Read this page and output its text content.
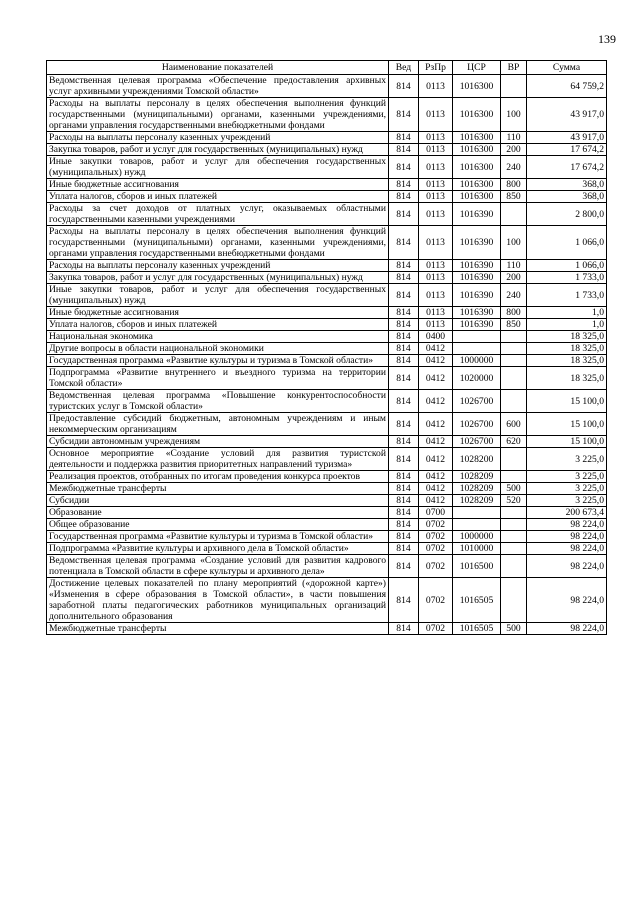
139
Наименование показателей	Вед	РзПр	ЦСР	ВР	Сумма
Ведомственная целевая программа «Обеспечение предоставления архивных услуг архивными учреждениями Томской области»	814	0113	1016300		64 759,2
Расходы на выплаты персоналу в целях обеспечения выполнения функций государственными (муниципальными) органами, казенными учреждениями, органами управления государственными внебюджетными фондами	814	0113	1016300	100	43 917,0
Расходы на выплаты персоналу казенных учреждений	814	0113	1016300	110	43 917,0
Закупка товаров, работ и услуг для государственных (муниципальных) нужд	814	0113	1016300	200	17 674,2
Иные закупки товаров, работ и услуг для обеспечения государственных (муниципальных) нужд	814	0113	1016300	240	17 674,2
Иные бюджетные ассигнования	814	0113	1016300	800	368,0
Уплата налогов, сборов и иных платежей	814	0113	1016300	850	368,0
Расходы за счет доходов от платных услуг, оказываемых областными государственными казенными учреждениями	814	0113	1016390		2 800,0
Расходы на выплаты персоналу в целях обеспечения выполнения функций государственными (муниципальными) органами, казенными учреждениями, органами управления государственными внебюджетными фондами	814	0113	1016390	100	1 066,0
Расходы на выплаты персоналу казенных учреждений	814	0113	1016390	110	1 066,0
Закупка товаров, работ и услуг для государственных (муниципальных) нужд	814	0113	1016390	200	1 733,0
Иные закупки товаров, работ и услуг для обеспечения государственных (муниципальных) нужд	814	0113	1016390	240	1 733,0
Иные бюджетные ассигнования	814	0113	1016390	800	1,0
Уплата налогов, сборов и иных платежей	814	0113	1016390	850	1,0
Национальная экономика	814	0400			18 325,0
Другие вопросы в области национальной экономики	814	0412			18 325,0
Государственная программа «Развитие культуры и туризма в Томской области»	814	0412	1000000		18 325,0
Подпрограмма «Развитие внутреннего и въездного туризма на территории Томской области»	814	0412	1020000		18 325,0
Ведомственная целевая программа «Повышение конкурентоспособности туристских услуг в Томской области»	814	0412	1026700		15 100,0
Предоставление субсидий бюджетным, автономным учреждениям и иным некоммерческим организациям	814	0412	1026700	600	15 100,0
Субсидии автономным учреждениям	814	0412	1026700	620	15 100,0
Основное мероприятие «Создание условий для развития туристской деятельности и поддержка развития приоритетных направлений туризма»	814	0412	1028200		3 225,0
Реализация проектов, отобранных по итогам проведения конкурса проектов	814	0412	1028209		3 225,0
Межбюджетные трансферты	814	0412	1028209	500	3 225,0
Субсидии	814	0412	1028209	520	3 225,0
Образование	814	0700			200 673,4
Общее образование	814	0702			98 224,0
Государственная программа «Развитие культуры и туризма в Томской области»	814	0702	1000000		98 224,0
Подпрограмма «Развитие культуры и архивного дела в Томской области»	814	0702	1010000		98 224,0
Ведомственная целевая программа «Создание условий для развития кадрового потенциала в Томской области в сфере культуры и архивного дела»	814	0702	1016500		98 224,0
Достижение целевых показателей по плану мероприятий («дорожной карте») «Изменения в сфере образования в Томской области», в части повышения заработной платы педагогических работников муниципальных организаций дополнительного образования	814	0702	1016505		98 224,0
Межбюджетные трансферты	814	0702	1016505	500	98 224,0
